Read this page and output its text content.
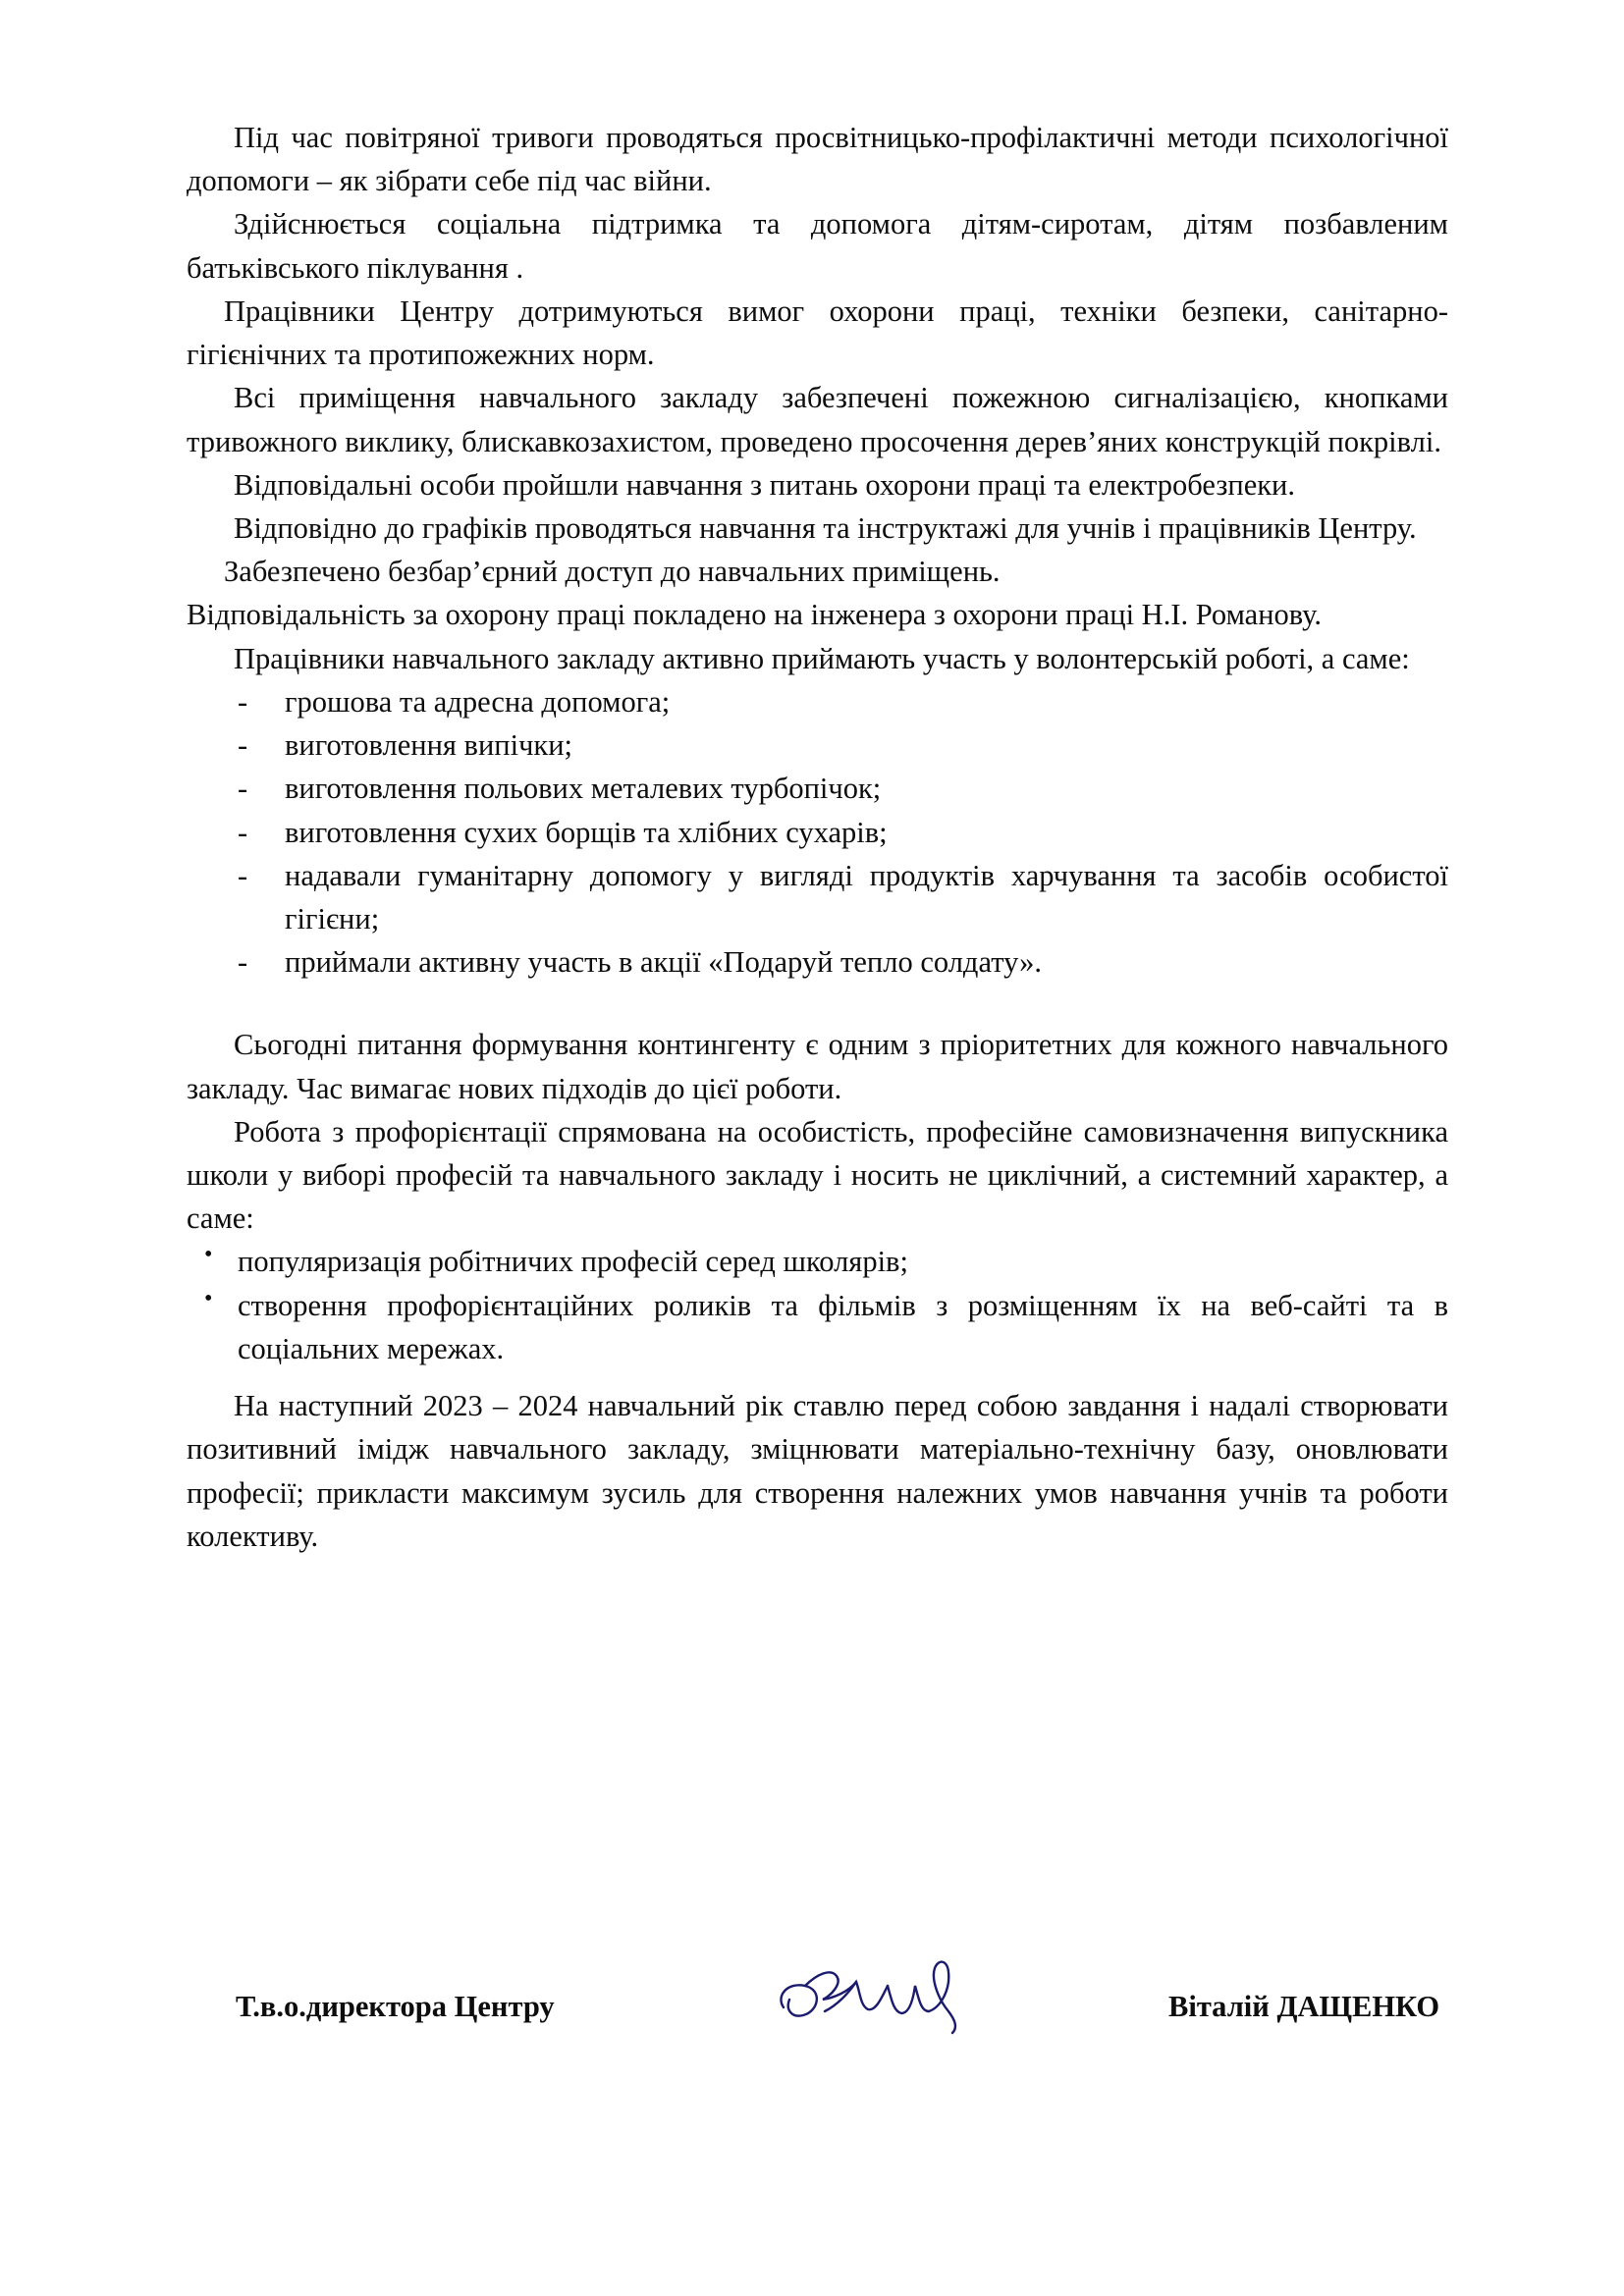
Під час повітряної тривоги проводяться просвітницько-профілактичні методи психологічної допомоги – як зібрати себе під час війни.

Здійснюється соціальна підтримка та допомога дітям-сиротам, дітям позбавленим батьківського піклування .

Працівники Центру дотримуються вимог охорони праці, техніки безпеки, санітарно-гігієнічних та протипожежних норм.

Всі приміщення навчального закладу забезпечені пожежною сигналізацією, кнопками тривожного виклику, блискавкозахистом, проведено просочення дерев’яних конструкцій покрівлі.

Відповідальні особи пройшли навчання з питань охорони праці та електробезпеки.

Відповідно до графіків проводяться навчання та інструктажі для учнів і працівників Центру.

Забезпечено безбар’єрний доступ до навчальних приміщень.

Відповідальність за охорону праці покладено на інженера з охорони праці Н.І. Романову.

Працівники навчального закладу активно приймають участь у волонтерській роботі, а саме:

- грошова та адресна допомога;
- виготовлення випічки;
- виготовлення польових металевих турбопічок;
- виготовлення сухих борщів та хлібних сухарів;
- надавали гуманітарну допомогу у вигляді продуктів харчування та засобів особистої гігієни;
- приймали активну участь в акції «Подаруй тепло солдату».

Сьогодні питання формування контингенту є одним з пріоритетних для кожного навчального закладу. Час вимагає нових підходів до цієї роботи.

Робота з профорієнтації спрямована на особистість, професійне самовизначення випускника школи у виборі професій та навчального закладу і носить не циклічний, а системний характер, а саме:

• популяризація робітничих професій серед школярів;
• створення профорієнтаційних роликів та фільмів з розміщенням їх на веб-сайті та в соціальних мережах.

На наступний 2023 – 2024 навчальний рік ставлю перед собою завдання і надалі створювати позитивний імідж навчального закладу, зміцнювати матеріально-технічну базу, оновлювати професії; прикласти максимум зусиль для створення належних умов навчання учнів та роботи колективу.

Т.в.о.директора Центру	Віталій ДАЩЕНКО
